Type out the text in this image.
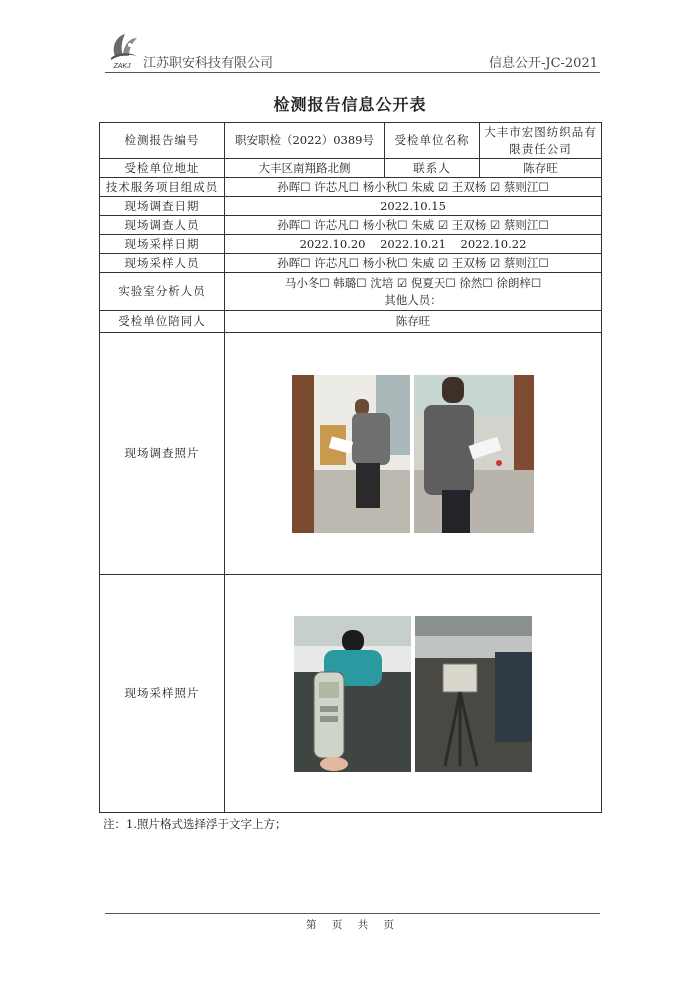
ZAKJ 江苏职安科技有限公司	信息公开-JC-2021
检测报告信息公开表
检测报告编号	职安职检（2022）0389号	受检单位名称	大丰市宏图纺织品有限责任公司
受检单位地址	大丰区南翔路北侧	联系人	陈存旺
技术服务项目组成员	孙晖☐ 许芯凡☐ 杨小秋☐ 朱威 ☑ 王双杨 ☑ 蔡则江☐		
现场调查日期	2022.10.15		
现场调查人员	孙晖☐ 许芯凡☐ 杨小秋☐ 朱威 ☑ 王双杨 ☑ 蔡则江☐		
现场采样日期	2022.10.20    2022.10.21    2022.10.22		
现场采样人员	孙晖☐ 许芯凡☐ 杨小秋☐ 朱威 ☑ 王双杨 ☑ 蔡则江☐		
实验室分析人员	马小冬☐ 韩璐☐ 沈培 ☑ 倪夏天☐ 徐然☐ 徐朗梓☐
其他人员：		

受检单位陪同人	陈存旺		
现场调查照片	

现场采样照片	
注：1.照片格式选择浮于文字上方；
第 页 共 页
